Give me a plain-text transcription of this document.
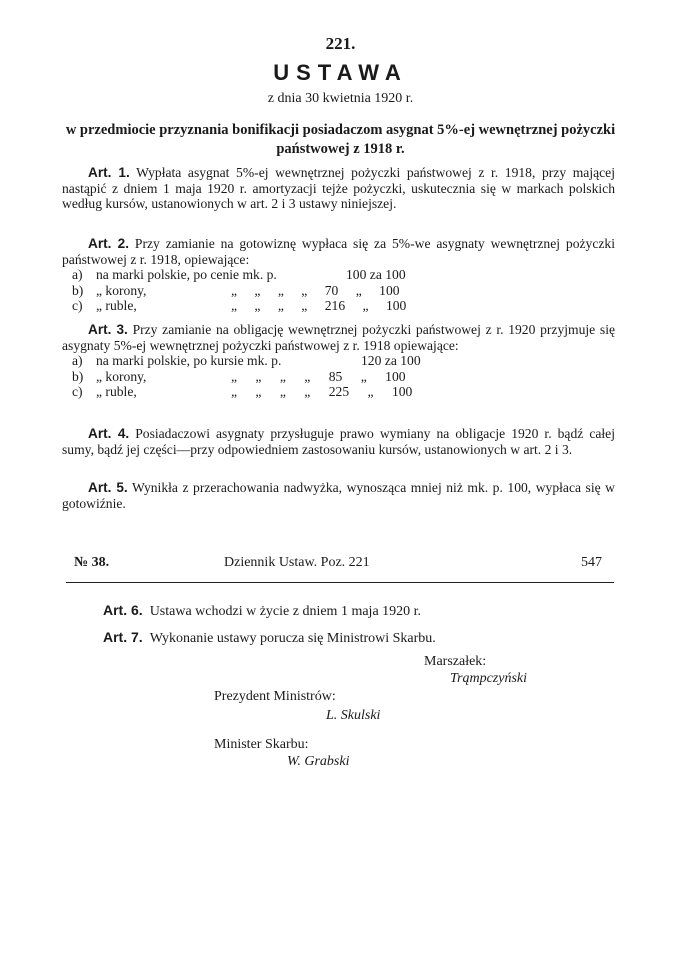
221.
USTAWA
z dnia 30 kwietnia 1920 r.
w przedmiocie przyznania bonifikacji posiadaczom asygnat 5%-ej wewnętrznej pożyczki państwowej z 1918 r.
Art. 1. Wypłata asygnat 5%-ej wewnętrznej pożyczki państwowej z r. 1918, przy mającej nastąpić z dniem 1 maja 1920 r. amortyzacji tejże pożyczki, uskutecznia się w markach polskich według kursów, ustanowionych w art. 2 i 3 ustawy niniejszej.
Art. 2. Przy zamianie na gotowiznę wypłaca się za 5%-we asygnaty wewnętrznej pożyczki państwowej z r. 1918, opiewające:
a) na marki polskie, po cenie mk. p.	100 za 100
b) „ korony,	„ „ „ „ 70 „ 100
c) „ ruble,	„ „ „ „ 216 „ 100
Art. 3. Przy zamianie na obligację wewnętrznej pożyczki państwowej z r. 1920 przyjmuje się asygnaty 5%-ej wewnętrznej pożyczki państwowej z r. 1918 opiewające:
a) na marki polskie, po kursie mk. p.	120 za 100
b) „ korony,	„ „ „ „ 85 „ 100
c) „ ruble,	„ „ „ „ 225 „ 100
Art. 4. Posiadaczowi asygnaty przysługuje prawo wymiany na obligacje 1920 r. bądź całej sumy, bądź jej części—przy odpowiedniem zastosowaniu kursów, ustanowionych w art. 2 i 3.
Art. 5. Wynikła z przerachowania nadwyżka, wynosząca mniej niż mk. p. 100, wypłaca się w gotowiźnie.
№ 38.	Dziennik Ustaw. Poz. 221	547
Art. 6. Ustawa wchodzi w życie z dniem 1 maja 1920 r.
Art. 7. Wykonanie ustawy porucza się Ministrowi Skarbu.
Marszałek:
Trąmpczyński
Prezydent Ministrów:
L. Skulski
Minister Skarbu:
W. Grabski
